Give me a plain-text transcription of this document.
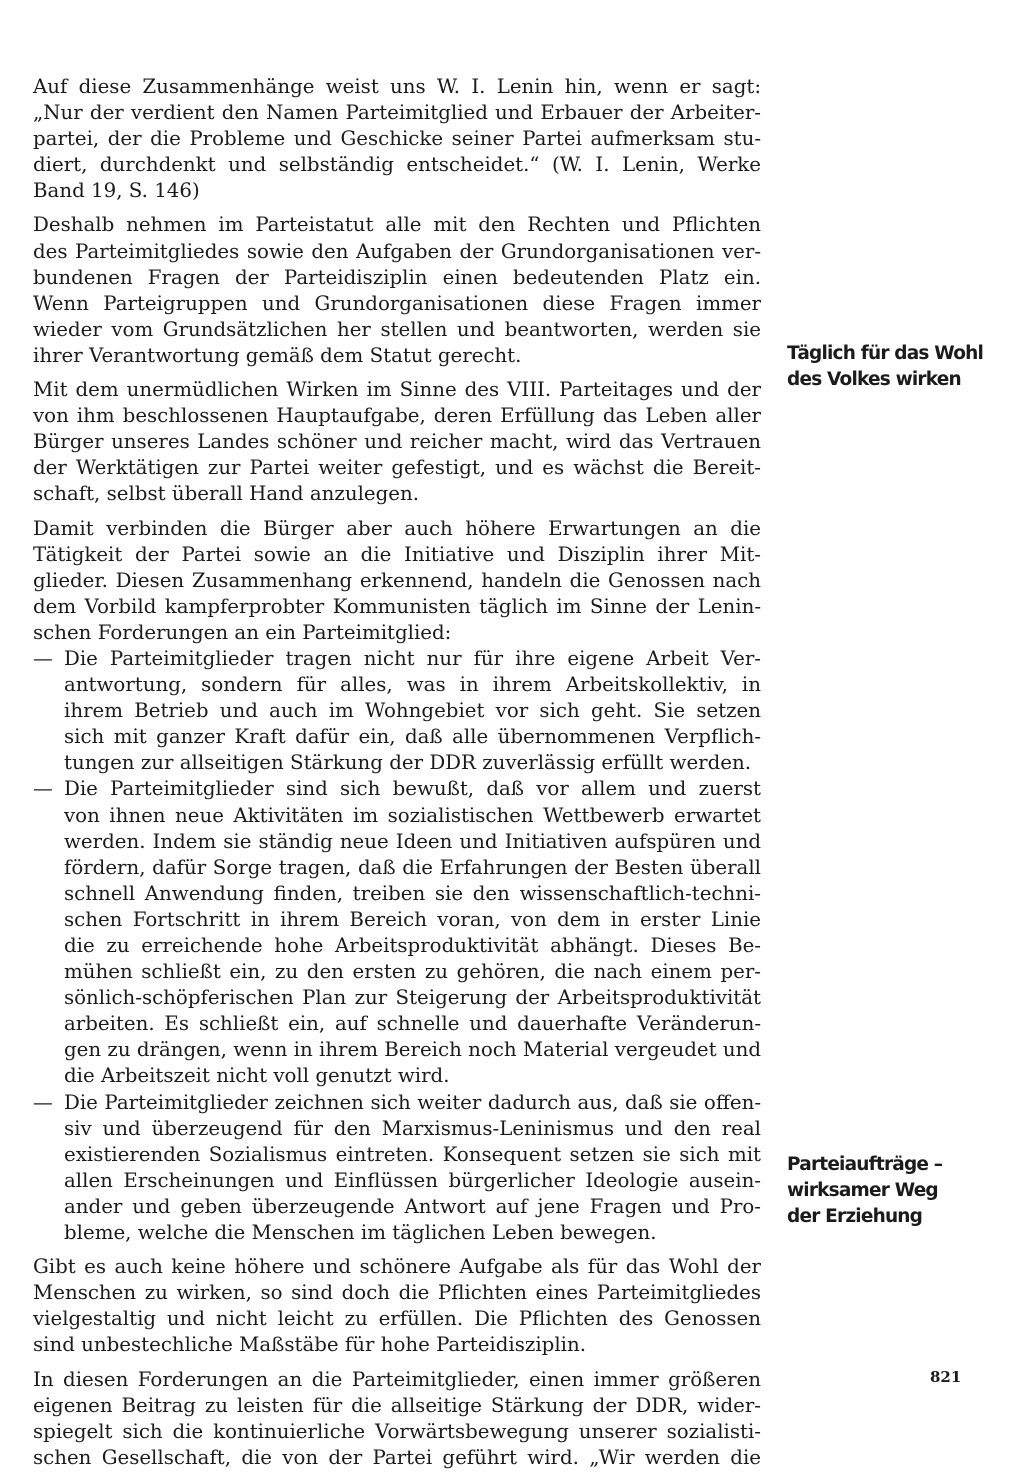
Auf diese Zusammenhänge weist uns W. I. Lenin hin, wenn er sagt:
„Nur der verdient den Namen Parteimitglied und Erbauer der Arbeiter-
partei, der die Probleme und Geschicke seiner Partei aufmerksam stu-
diert, durchdenkt und selbständig entscheidet.“ (W. I. Lenin, Werke
Band 19, S. 146)
Deshalb nehmen im Parteistatut alle mit den Rechten und Pflichten
des Parteimitgliedes sowie den Aufgaben der Grundorganisationen ver-
bundenen Fragen der Parteidisziplin einen bedeutenden Platz ein.
Wenn Parteigruppen und Grundorganisationen diese Fragen immer
wieder vom Grundsätzlichen her stellen und beantworten, werden sie
ihrer Verantwortung gemäß dem Statut gerecht.
Mit dem unermüdlichen Wirken im Sinne des VIII. Parteitages und der
von ihm beschlossenen Hauptaufgabe, deren Erfüllung das Leben aller
Bürger unseres Landes schöner und reicher macht, wird das Vertrauen
der Werktätigen zur Partei weiter gefestigt, und es wächst die Bereit-
schaft, selbst überall Hand anzulegen.
Damit verbinden die Bürger aber auch höhere Erwartungen an die
Tätigkeit der Partei sowie an die Initiative und Disziplin ihrer Mit-
glieder. Diesen Zusammenhang erkennend, handeln die Genossen nach
dem Vorbild kampferprobter Kommunisten täglich im Sinne der Lenin-
schen Forderungen an ein Parteimitglied:
— Die Parteimitglieder tragen nicht nur für ihre eigene Arbeit Ver-
antwortung, sondern für alles, was in ihrem Arbeitskollektiv, in
ihrem Betrieb und auch im Wohngebiet vor sich geht. Sie setzen
sich mit ganzer Kraft dafür ein, daß alle übernommenen Verpflich-
tungen zur allseitigen Stärkung der DDR zuverlässig erfüllt werden.
— Die Parteimitglieder sind sich bewußt, daß vor allem und zuerst
von ihnen neue Aktivitäten im sozialistischen Wettbewerb erwartet
werden. Indem sie ständig neue Ideen und Initiativen aufspüren und
fördern, dafür Sorge tragen, daß die Erfahrungen der Besten überall
schnell Anwendung finden, treiben sie den wissenschaftlich-techni-
schen Fortschritt in ihrem Bereich voran, von dem in erster Linie
die zu erreichende hohe Arbeitsproduktivität abhängt. Dieses Be-
mühen schließt ein, zu den ersten zu gehören, die nach einem per-
sönlich-schöpferischen Plan zur Steigerung der Arbeitsproduktivität
arbeiten. Es schließt ein, auf schnelle und dauerhafte Veränderun-
gen zu drängen, wenn in ihrem Bereich noch Material vergeudet und
die Arbeitszeit nicht voll genutzt wird.
— Die Parteimitglieder zeichnen sich weiter dadurch aus, daß sie offen-
siv und überzeugend für den Marxismus-Leninismus und den real
existierenden Sozialismus eintreten. Konsequent setzen sie sich mit
allen Erscheinungen und Einflüssen bürgerlicher Ideologie ausein-
ander und geben überzeugende Antwort auf jene Fragen und Pro-
bleme, welche die Menschen im täglichen Leben bewegen.
Gibt es auch keine höhere und schönere Aufgabe als für das Wohl der
Menschen zu wirken, so sind doch die Pflichten eines Parteimitgliedes
vielgestaltig und nicht leicht zu erfüllen. Die Pflichten des Genossen
sind unbestechliche Maßstäbe für hohe Parteidisziplin.
In diesen Forderungen an die Parteimitglieder, einen immer größeren
eigenen Beitrag zu leisten für die allseitige Stärkung der DDR, wider-
spiegelt sich die kontinuierliche Vorwärtsbewegung unserer sozialisti-
schen Gesellschaft, die von der Partei geführt wird. „Wir werden die
Täglich für das Wohl
des Volkes wirken
Parteiaufträge –
wirksamer Weg
der Erziehung
821
